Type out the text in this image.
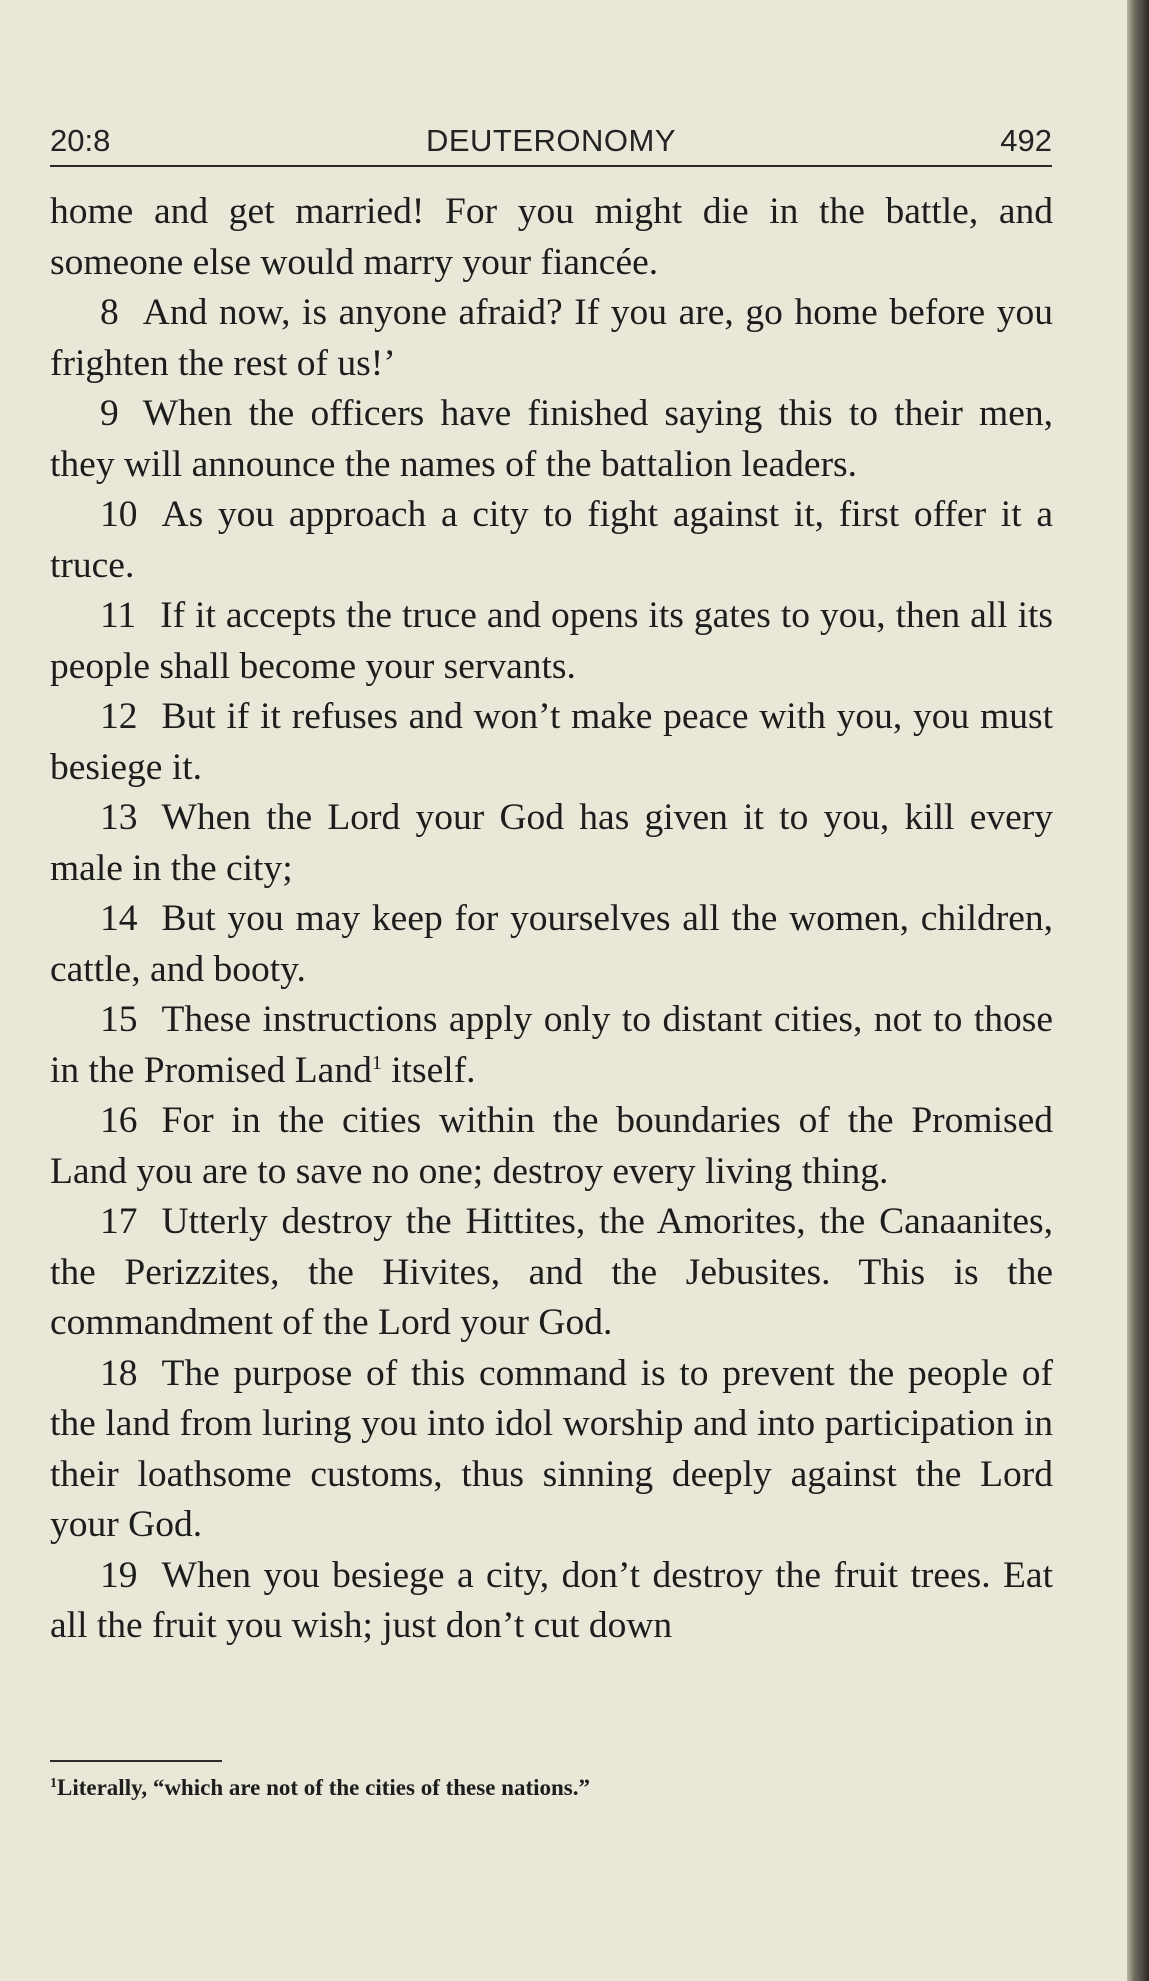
20:8	DEUTERONOMY	492

home and get married! For you might die in the battle, and someone else would marry your fiancée.

8 And now, is anyone afraid? If you are, go home before you frighten the rest of us!’

9 When the officers have finished saying this to their men, they will announce the names of the battalion leaders.

10 As you approach a city to fight against it, first offer it a truce.

11 If it accepts the truce and opens its gates to you, then all its people shall become your servants.

12 But if it refuses and won’t make peace with you, you must besiege it.

13 When the Lord your God has given it to you, kill every male in the city;

14 But you may keep for yourselves all the women, children, cattle, and booty.

15 These instructions apply only to distant cities, not to those in the Promised Land$^1$ itself.

16 For in the cities within the boundaries of the Promised Land you are to save no one; destroy every living thing.

17 Utterly destroy the Hittites, the Amorites, the Canaanites, the Perizzites, the Hivites, and the Jebusites. This is the commandment of the Lord your God.

18 The purpose of this command is to prevent the people of the land from luring you into idol worship and into participation in their loathsome customs, thus sinning deeply against the Lord your God.

19 When you besiege a city, don’t destroy the fruit trees. Eat all the fruit you wish; just don’t cut down

$^1$Literally, “which are not of the cities of these nations.”
